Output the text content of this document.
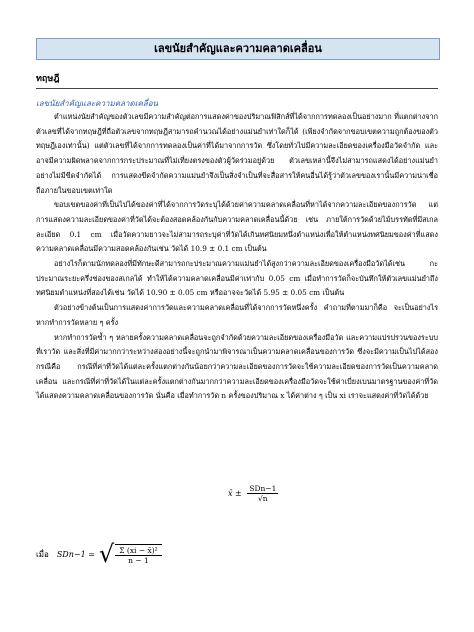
เลขนัยสำคัญและความคลาดเคลื่อน
ทฤษฎี
เลขนัยสำคัญและความคลาดเคลื่อน

ตำแหน่งนัยสำคัญของตัวเลขมีความสำคัญต่อการแสดงค่าของปริมาณฟิสิกส์ที่ได้จากการทดลองเป็นอย่างมาก ที่แตกต่างจากตัวเลขที่ได้จากทฤษฎีที่ถือตัวเลขจากทฤษฎีสามารถคำนวณได้อย่างแม่นยำเท่าใดก็ได้ (เพียงจำกัดจากขอบเขตความถูกต้องของตัวทฤษฎีเองเท่านั้น) แต่ตัวเลขที่ได้จากการทดลองเป็นค่าที่ได้มาจากการวัด ซึ่งโดยทั่วไปมีความละเอียดของเครื่องมือวัดจำกัด และอาจมีความผิดพลาดจากการกระประมาณที่ไม่เที่ยงตรงของตัวผู้วัดร่วมอยู่ด้วย ตัวเลขเหล่านี้จึงไม่สามารถแสดงได้อย่างแม่นยำอย่างไม่มีขีดจำกัดได้ การแสดงขีดจำกัดความแม่นยำจึงเป็นสิ่งจำเป็นที่จะสื่อสารให้คนอื่นได้รู้ว่าตัวเลขของเรานั้นมีความน่าเชื่อถือภายในขอบเขตเท่าใด

ขอบเขตของค่าที่เป็นไปได้ของค่าที่ได้จากการวัดระบุได้ด้วยค่าความคลาดเคลื่อนที่หาได้จากความละเอียดของการวัด แต่การแสดงความละเอียดของค่าที่วัดได้จะต้องสอดคล้องกันกับความคลาดเคลื่อนนี้ด้วย เช่น ภายใต้การวัดด้วยไม้บรรทัดที่มีสเกลละเอียด 0.1 cm เมื่อวัดความยาวจะไม่สามารถระบุค่าที่วัดได้เกินทศนิยมหนึ่งตำแหน่งเพื่อให้ตำแหน่งทศนิยมของค่าที่แสดงความคลาดเคลื่อนมีความสอดคล้องกันเช่น วัดได้ 10.9 ± 0.1 cm เป็นต้น

อย่างไรก็ตามนักทดลองที่มีทักษะดีสามารถกะประมาณความแม่นยำได้สูงกว่าความละเอียดของเครื่องมือวัดได้เช่น กะประมาณระยะครึ่งช่องของสเกลได้ ทำให้ได้ความคลาดเคลื่อนมีค่าเท่ากับ 0.05 cm เมื่อทำการวัดก็จะบันทึกให้ตัวเลขแม่นยำถึงทศนิยมตำแหน่งที่สองได้เช่น วัดได้ 10.90 ± 0.05 cm หรืออาจจะวัดได้ 5.95 ± 0.05 cm เป็นต้น

ตัวอย่างข้างต้นเป็นการแสดงค่าการวัดและความคลาดเคลื่อนที่ได้จากการวัดหนึ่งครั้ง คำถามที่ตามมาก็คือ จะเป็นอย่างไรหากทำการวัดหลาย ๆ ครั้ง

หากทำการวัดซ้ำ ๆ หลายครั้งความคลาดเคลื่อนจะถูกจำกัดด้วยความละเอียดของเครื่องมือวัด และความแปรปรวนของระบบที่เราวัด และสิ่งที่มีค่ามากกว่าระหว่างสองอย่างนี้จะถูกนำมาพิจารณาเป็นความคลาดเคลื่อนของการวัด ซึ่งจะมีความเป็นไปได้สองกรณีคือ กรณีที่ค่าที่วัดได้แต่ละครั้งแตกต่างกันน้อยกว่าความละเอียดของการวัดจะใช้ความละเอียดของการวัดเป็นความคลาดเคลื่อน และกรณีที่ค่าที่วัดได้ในแต่ละครั้งแตกต่างกันมากกว่าความละเอียดของเครื่องมือวัดจะใช้ค่าเบี่ยงเบนมาตรฐานของค่าที่วัดได้แสดงความคลาดเคลื่อนของการวัด นั่นคือ เมื่อทำการวัด n ครั้งของปริมาณ x ได้ค่าต่าง ๆ เป็น xi เราจะแสดงค่าที่วัดได้ด้วย

x̄ ± $\frac{\text{SDn−1}}{√n}$
เมื่อ SDn−1 = √ $\frac{\text{Σ (xi − x̄)²}}{n - 1}$
